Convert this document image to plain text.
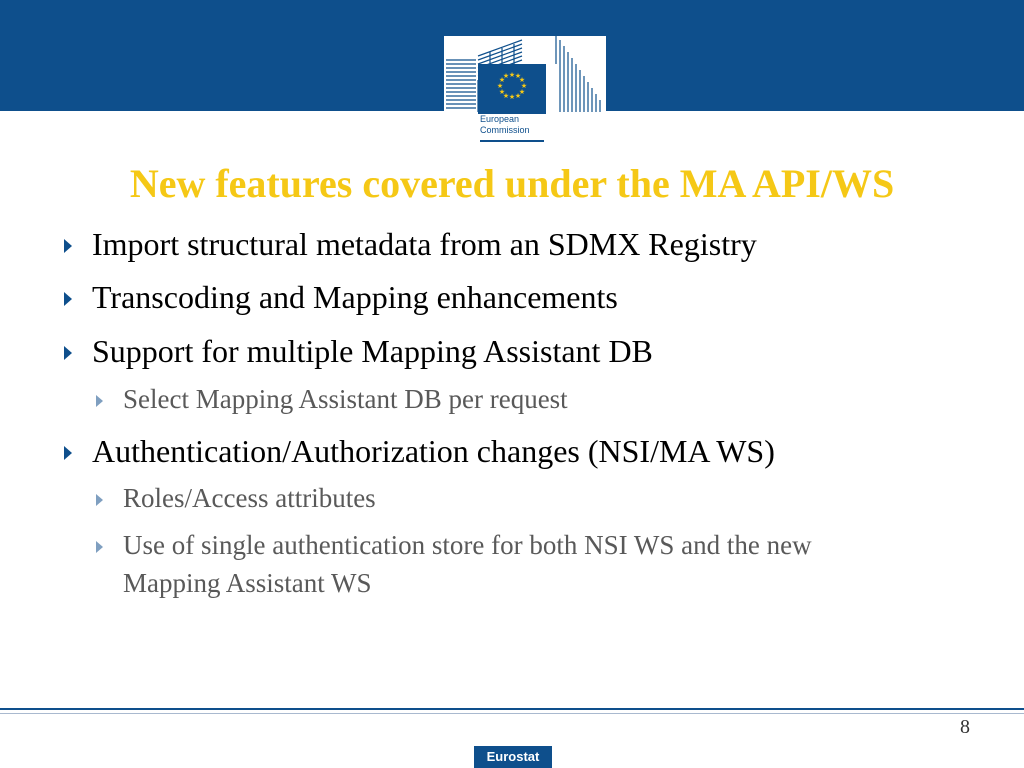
★ ★
★
★
★
★
★
★
★
★
★
★
European
Commission
New features covered under the MA API/WS
Import structural metadata from an SDMX Registry
Transcoding and Mapping enhancements
Support for multiple Mapping Assistant DB
Select Mapping Assistant DB per request
Authentication/Authorization changes (NSI/MA WS)
Roles/Access attributes
Use of single authentication store for both NSI WS and the new
Mapping Assistant WS
8
Eurostat
